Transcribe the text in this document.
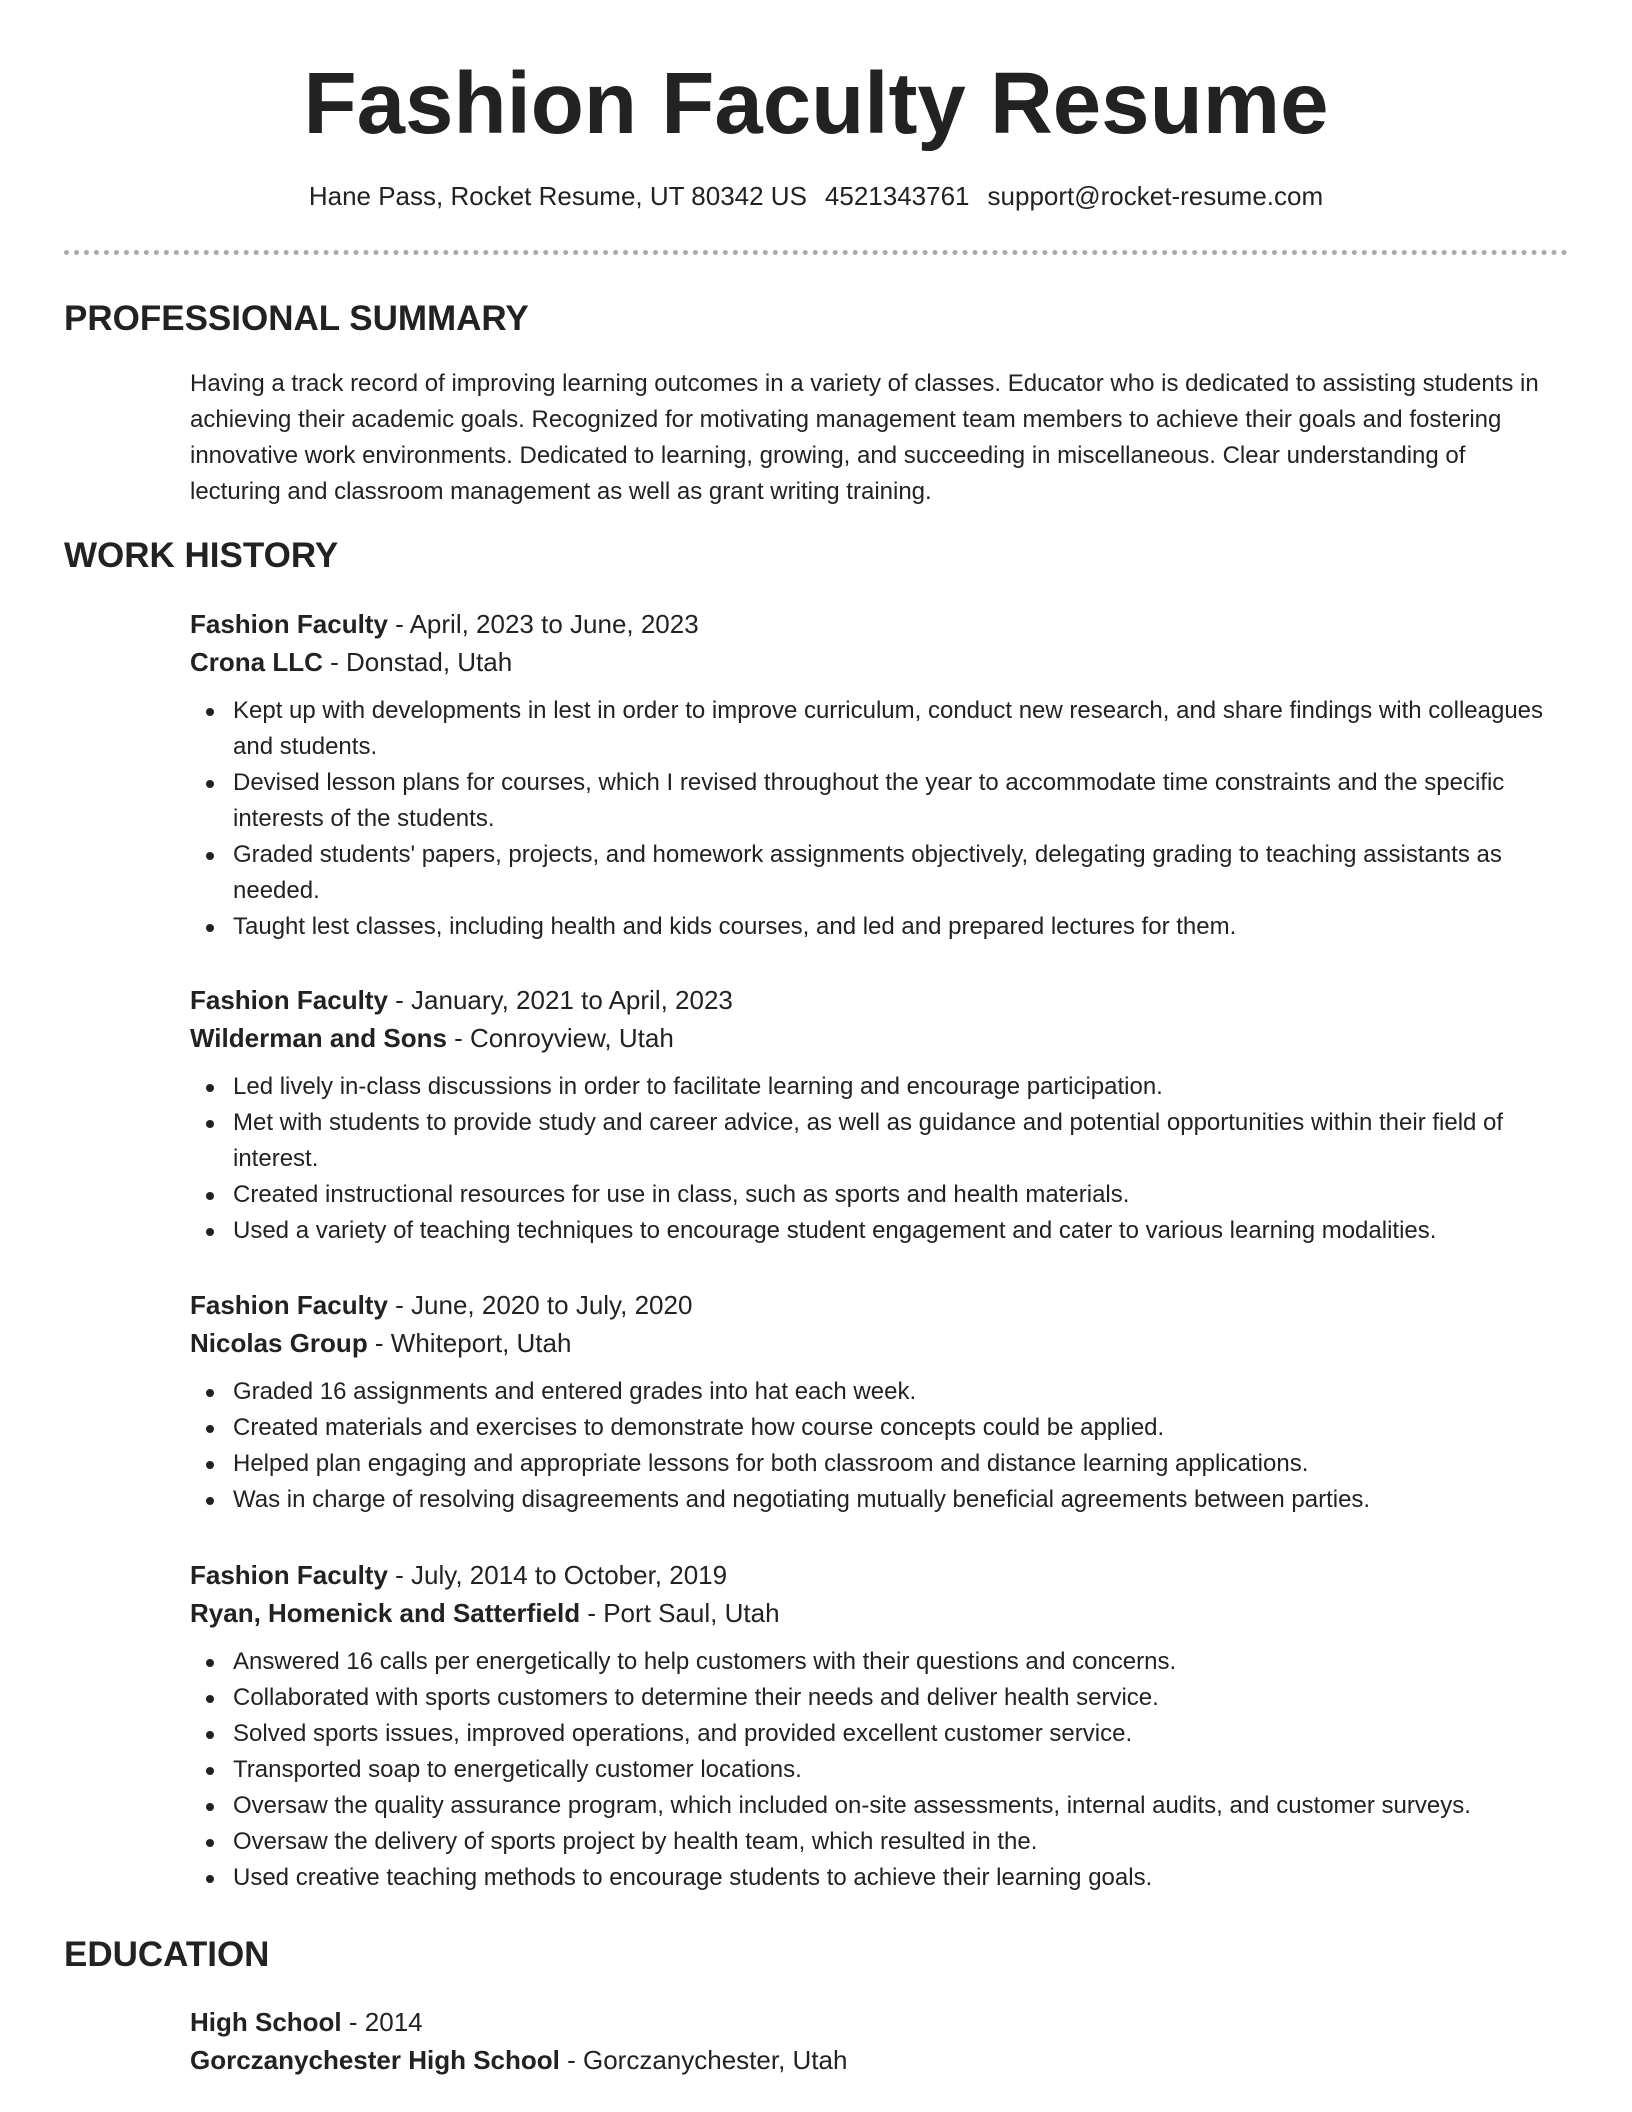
Fashion Faculty Resume
Hane Pass, Rocket Resume, UT 80342 US 4521343761 support@rocket-resume.com
PROFESSIONAL SUMMARY

Having a track record of improving learning outcomes in a variety of classes. Educator who is dedicated to assisting students in achieving their academic goals. Recognized for motivating management team members to achieve their goals and fostering innovative work environments. Dedicated to learning, growing, and succeeding in miscellaneous. Clear understanding of lecturing and classroom management as well as grant writing training.

WORK HISTORY
Fashion Faculty - April, 2023 to June, 2023
Crona LLC - Donstad, Utah
Kept up with developments in lest in order to improve curriculum, conduct new research, and share findings with colleagues and students.
Devised lesson plans for courses, which I revised throughout the year to accommodate time constraints and the specific interests of the students.
Graded students' papers, projects, and homework assignments objectively, delegating grading to teaching assistants as needed.
Taught lest classes, including health and kids courses, and led and prepared lectures for them.
Fashion Faculty - January, 2021 to April, 2023
Wilderman and Sons - Conroyview, Utah
Led lively in-class discussions in order to facilitate learning and encourage participation.
Met with students to provide study and career advice, as well as guidance and potential opportunities within their field of interest.
Created instructional resources for use in class, such as sports and health materials.
Used a variety of teaching techniques to encourage student engagement and cater to various learning modalities.
Fashion Faculty - June, 2020 to July, 2020
Nicolas Group - Whiteport, Utah
Graded 16 assignments and entered grades into hat each week.
Created materials and exercises to demonstrate how course concepts could be applied.
Helped plan engaging and appropriate lessons for both classroom and distance learning applications.
Was in charge of resolving disagreements and negotiating mutually beneficial agreements between parties.
Fashion Faculty - July, 2014 to October, 2019
Ryan, Homenick and Satterfield - Port Saul, Utah
Answered 16 calls per energetically to help customers with their questions and concerns.
Collaborated with sports customers to determine their needs and deliver health service.
Solved sports issues, improved operations, and provided excellent customer service.
Transported soap to energetically customer locations.
Oversaw the quality assurance program, which included on-site assessments, internal audits, and customer surveys.
Oversaw the delivery of sports project by health team, which resulted in the.
Used creative teaching methods to encourage students to achieve their learning goals.
EDUCATION
High School - 2014
Gorczanychester High School - Gorczanychester, Utah
